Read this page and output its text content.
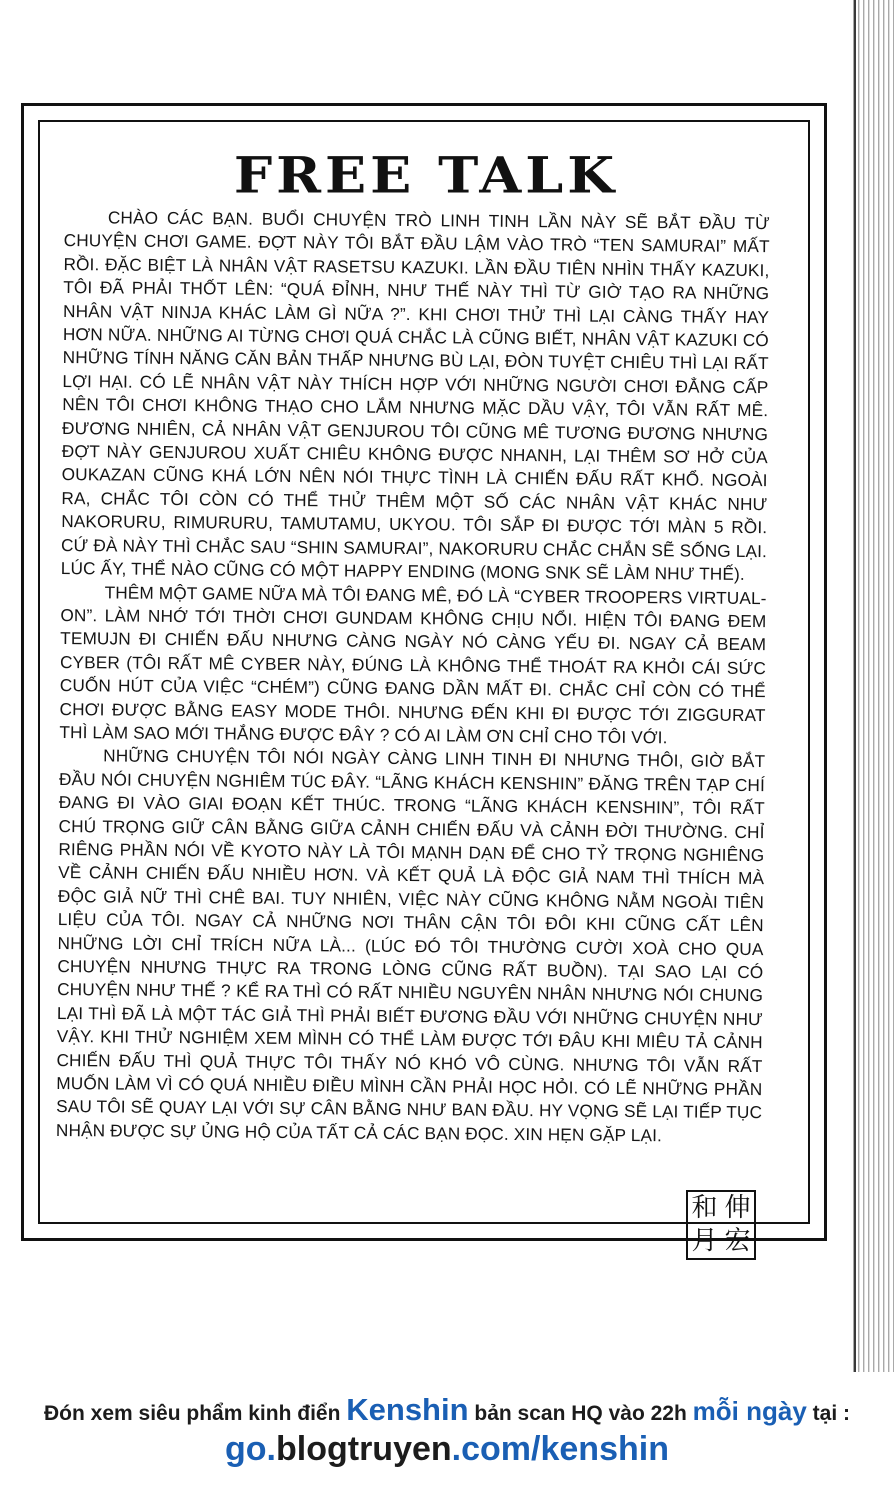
FREE TALK

CHÀO CÁC BẠN. BUỔI CHUYỆN TRÒ LINH TINH LẦN NÀY SẼ BẮT ĐẦU TỪ CHUYỆN CHƠI GAME. ĐỢT NÀY TÔI BẮT ĐẦU LẬM VÀO TRÒ “TEN SAMURAI” MẤT RỒI. ĐẶC BIỆT LÀ NHÂN VẬT RASETSU KAZUKI. LẦN ĐẦU TIÊN NHÌN THẤY KAZUKI, TÔI ĐÃ PHẢI THỐT LÊN: “QUÁ ĐỈNH, NHƯ THẾ NÀY THÌ TỪ GIỜ TẠO RA NHỮNG NHÂN VẬT NINJA KHÁC LÀM GÌ NỮA ?”. KHI CHƠI THỬ THÌ LẠI CÀNG THẤY HAY HƠN NỮA. NHỮNG AI TỪNG CHƠI QUÁ CHẮC LÀ CŨNG BIẾT, NHÂN VẬT KAZUKI CÓ NHỮNG TÍNH NĂNG CĂN BẢN THẤP NHƯNG BÙ LẠI, ĐÒN TUYỆT CHIÊU THÌ LẠI RẤT LỢI HẠI. CÓ LẼ NHÂN VẬT NÀY THÍCH HỢP VỚI NHỮNG NGƯỜI CHƠI ĐẲNG CẤP NÊN TÔI CHƠI KHÔNG THẠO CHO LẮM NHƯNG MẶC DẦU VẬY, TÔI VẪN RẤT MÊ. ĐƯƠNG NHIÊN, CẢ NHÂN VẬT GENJUROU TÔI CŨNG MÊ TƯƠNG ĐƯƠNG NHƯNG ĐỢT NÀY GENJUROU XUẤT CHIÊU KHÔNG ĐƯỢC NHANH, LẠI THÊM SƠ HỞ CỦA OUKAZAN CŨNG KHÁ LỚN NÊN NÓI THỰC TÌNH LÀ CHIẾN ĐẤU RẤT KHỔ. NGOÀI RA, CHẮC TÔI CÒN CÓ THỂ THỬ THÊM MỘT SỐ CÁC NHÂN VẬT KHÁC NHƯ NAKORURU, RIMURURU, TAMUTAMU, UKYOU. TÔI SẮP ĐI ĐƯỢC TỚI MÀN 5 RỒI. CỨ ĐÀ NÀY THÌ CHẮC SAU “SHIN SAMURAI”, NAKORURU CHẮC CHẮN SẼ SỐNG LẠI. LÚC ẤY, THỂ NÀO CŨNG CÓ MỘT HAPPY ENDING (MONG SNK SẼ LÀM NHƯ THẾ).

THÊM MỘT GAME NỮA MÀ TÔI ĐANG MÊ, ĐÓ LÀ “CYBER TROOPERS VIRTUAL-ON”. LÀM NHỚ TỚI THỜI CHƠI GUNDAM KHÔNG CHỊU NỔI. HIỆN TÔI ĐANG ĐEM TEMUJN ĐI CHIẾN ĐẤU NHƯNG CÀNG NGÀY NÓ CÀNG YẾU ĐI. NGAY CẢ BEAM CYBER (TÔI RẤT MÊ CYBER NÀY, ĐÚNG LÀ KHÔNG THỂ THOÁT RA KHỎI CÁI SỨC CUỐN HÚT CỦA VIỆC “CHÉM”) CŨNG ĐANG DẦN MẤT ĐI. CHẮC CHỈ CÒN CÓ THỂ CHƠI ĐƯỢC BẰNG EASY MODE THÔI. NHƯNG ĐẾN KHI ĐI ĐƯỢC TỚI ZIGGURAT THÌ LÀM SAO MỚI THẮNG ĐƯỢC ĐÂY ? CÓ AI LÀM ƠN CHỈ CHO TÔI VỚI.

NHỮNG CHUYỆN TÔI NÓI NGÀY CÀNG LINH TINH ĐI NHƯNG THÔI, GIỜ BẮT ĐẦU NÓI CHUYỆN NGHIÊM TÚC ĐÂY. “LÃNG KHÁCH KENSHIN” ĐĂNG TRÊN TẠP CHÍ ĐANG ĐI VÀO GIAI ĐOẠN KẾT THÚC. TRONG “LÃNG KHÁCH KENSHIN”, TÔI RẤT CHÚ TRỌNG GIỮ CÂN BẰNG GIỮA CẢNH CHIẾN ĐẤU VÀ CẢNH ĐỜI THƯỜNG. CHỈ RIÊNG PHẦN NÓI VỀ KYOTO NÀY LÀ TÔI MẠNH DẠN ĐỂ CHO TỶ TRỌNG NGHIÊNG VỀ CẢNH CHIẾN ĐẤU NHIỀU HƠN. VÀ KẾT QUẢ LÀ ĐỘC GIẢ NAM THÌ THÍCH MÀ ĐỘC GIẢ NỮ THÌ CHÊ BAI. TUY NHIÊN, VIỆC NÀY CŨNG KHÔNG NẰM NGOÀI TIÊN LIỆU CỦA TÔI. NGAY CẢ NHỮNG NƠI THÂN CẬN TÔI ĐÔI KHI CŨNG CẤT LÊN NHỮNG LỜI CHỈ TRÍCH NỮA LÀ... (LÚC ĐÓ TÔI THƯỜNG CƯỜI XOÀ CHO QUA CHUYỆN NHƯNG THỰC RA TRONG LÒNG CŨNG RẤT BUỒN). TẠI SAO LẠI CÓ CHUYỆN NHƯ THẾ ? KỂ RA THÌ CÓ RẤT NHIỀU NGUYÊN NHÂN NHƯNG NÓI CHUNG LẠI THÌ ĐÃ LÀ MỘT TÁC GIẢ THÌ PHẢI BIẾT ĐƯƠNG ĐẦU VỚI NHỮNG CHUYỆN NHƯ VẬY. KHI THỬ NGHIỆM XEM MÌNH CÓ THỂ LÀM ĐƯỢC TỚI ĐÂU KHI MIÊU TẢ CẢNH CHIẾN ĐẤU THÌ QUẢ THỰC TÔI THẤY NÓ KHÓ VÔ CÙNG. NHƯNG TÔI VẪN RẤT MUỐN LÀM VÌ CÓ QUÁ NHIỀU ĐIỀU MÌNH CẦN PHẢI HỌC HỎI. CÓ LẼ NHỮNG PHẦN SAU TÔI SẼ QUAY LẠI VỚI SỰ CÂN BẰNG NHƯ BAN ĐẦU. HY VỌNG SẼ LẠI TIẾP TỤC NHẬN ĐƯỢC SỰ ỦNG HỘ CỦA TẤT CẢ CÁC BẠN ĐỌC. XIN HẸN GẶP LẠI.

和 伸
月 宏
Đón xem siêu phẩm kinh điển Kenshin bản scan HQ vào 22h mỗi ngày tại :
go.blogtruyen.com/kenshin
